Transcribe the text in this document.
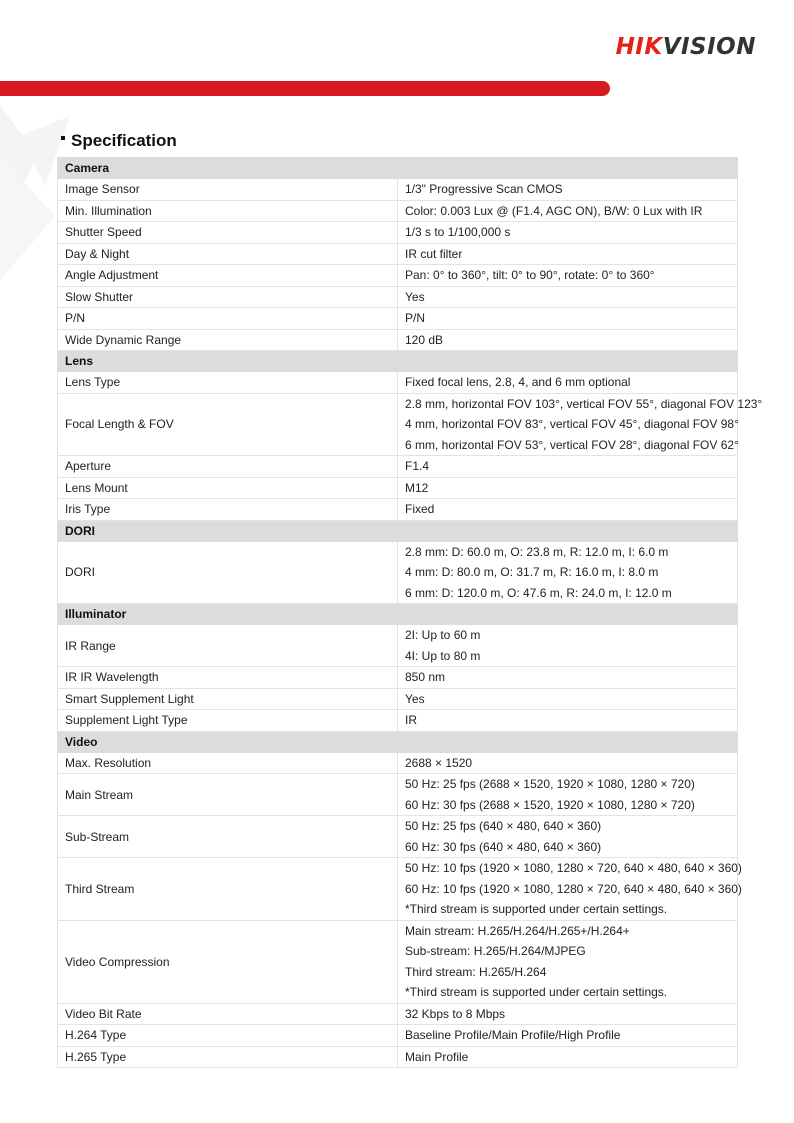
HIKVISION
Specification
Camera	
Image Sensor	1/3" Progressive Scan CMOS

Min. Illumination	Color: 0.003 Lux @ (F1.4, AGC ON), B/W: 0 Lux with IR

Shutter Speed	1/3 s to 1/100,000 s

Day & Night	IR cut filter

Angle Adjustment	Pan: 0° to 360°, tilt: 0° to 90°, rotate: 0° to 360°

Slow Shutter	Yes

P/N	P/N

Wide Dynamic Range	120 dB

Lens	
Lens Type	Fixed focal lens, 2.8, 4, and 6 mm optional

Focal Length & FOV	2.8 mm, horizontal FOV 103°, vertical FOV 55°, diagonal FOV 123°
4 mm, horizontal FOV 83°, vertical FOV 45°, diagonal FOV 98°
6 mm, horizontal FOV 53°, vertical FOV 28°, diagonal FOV 62°

Aperture	F1.4

Lens Mount	M12

Iris Type	Fixed

DORI	
DORI	2.8 mm: D: 60.0 m, O: 23.8 m, R: 12.0 m, I: 6.0 m
4 mm: D: 80.0 m, O: 31.7 m, R: 16.0 m, I: 8.0 m
6 mm: D: 120.0 m, O: 47.6 m, R: 24.0 m, I: 12.0 m

Illuminator	
IR Range	2I: Up to 60 m
4I: Up to 80 m

IR IR Wavelength	850 nm

Smart Supplement Light	Yes

Supplement Light Type	IR

Video	
Max. Resolution	2688 × 1520

Main Stream	50 Hz: 25 fps (2688 × 1520, 1920 × 1080, 1280 × 720)
60 Hz: 30 fps (2688 × 1520, 1920 × 1080, 1280 × 720)

Sub-Stream	50 Hz: 25 fps (640 × 480, 640 × 360)
60 Hz: 30 fps (640 × 480, 640 × 360)

Third Stream	50 Hz: 10 fps (1920 × 1080, 1280 × 720, 640 × 480, 640 × 360)
60 Hz: 10 fps (1920 × 1080, 1280 × 720, 640 × 480, 640 × 360)
*Third stream is supported under certain settings.

Video Compression	Main stream: H.265/H.264/H.265+/H.264+
Sub-stream: H.265/H.264/MJPEG
Third stream: H.265/H.264
*Third stream is supported under certain settings.

Video Bit Rate	32 Kbps to 8 Mbps

H.264 Type	Baseline Profile/Main Profile/High Profile

H.265 Type	Main Profile
